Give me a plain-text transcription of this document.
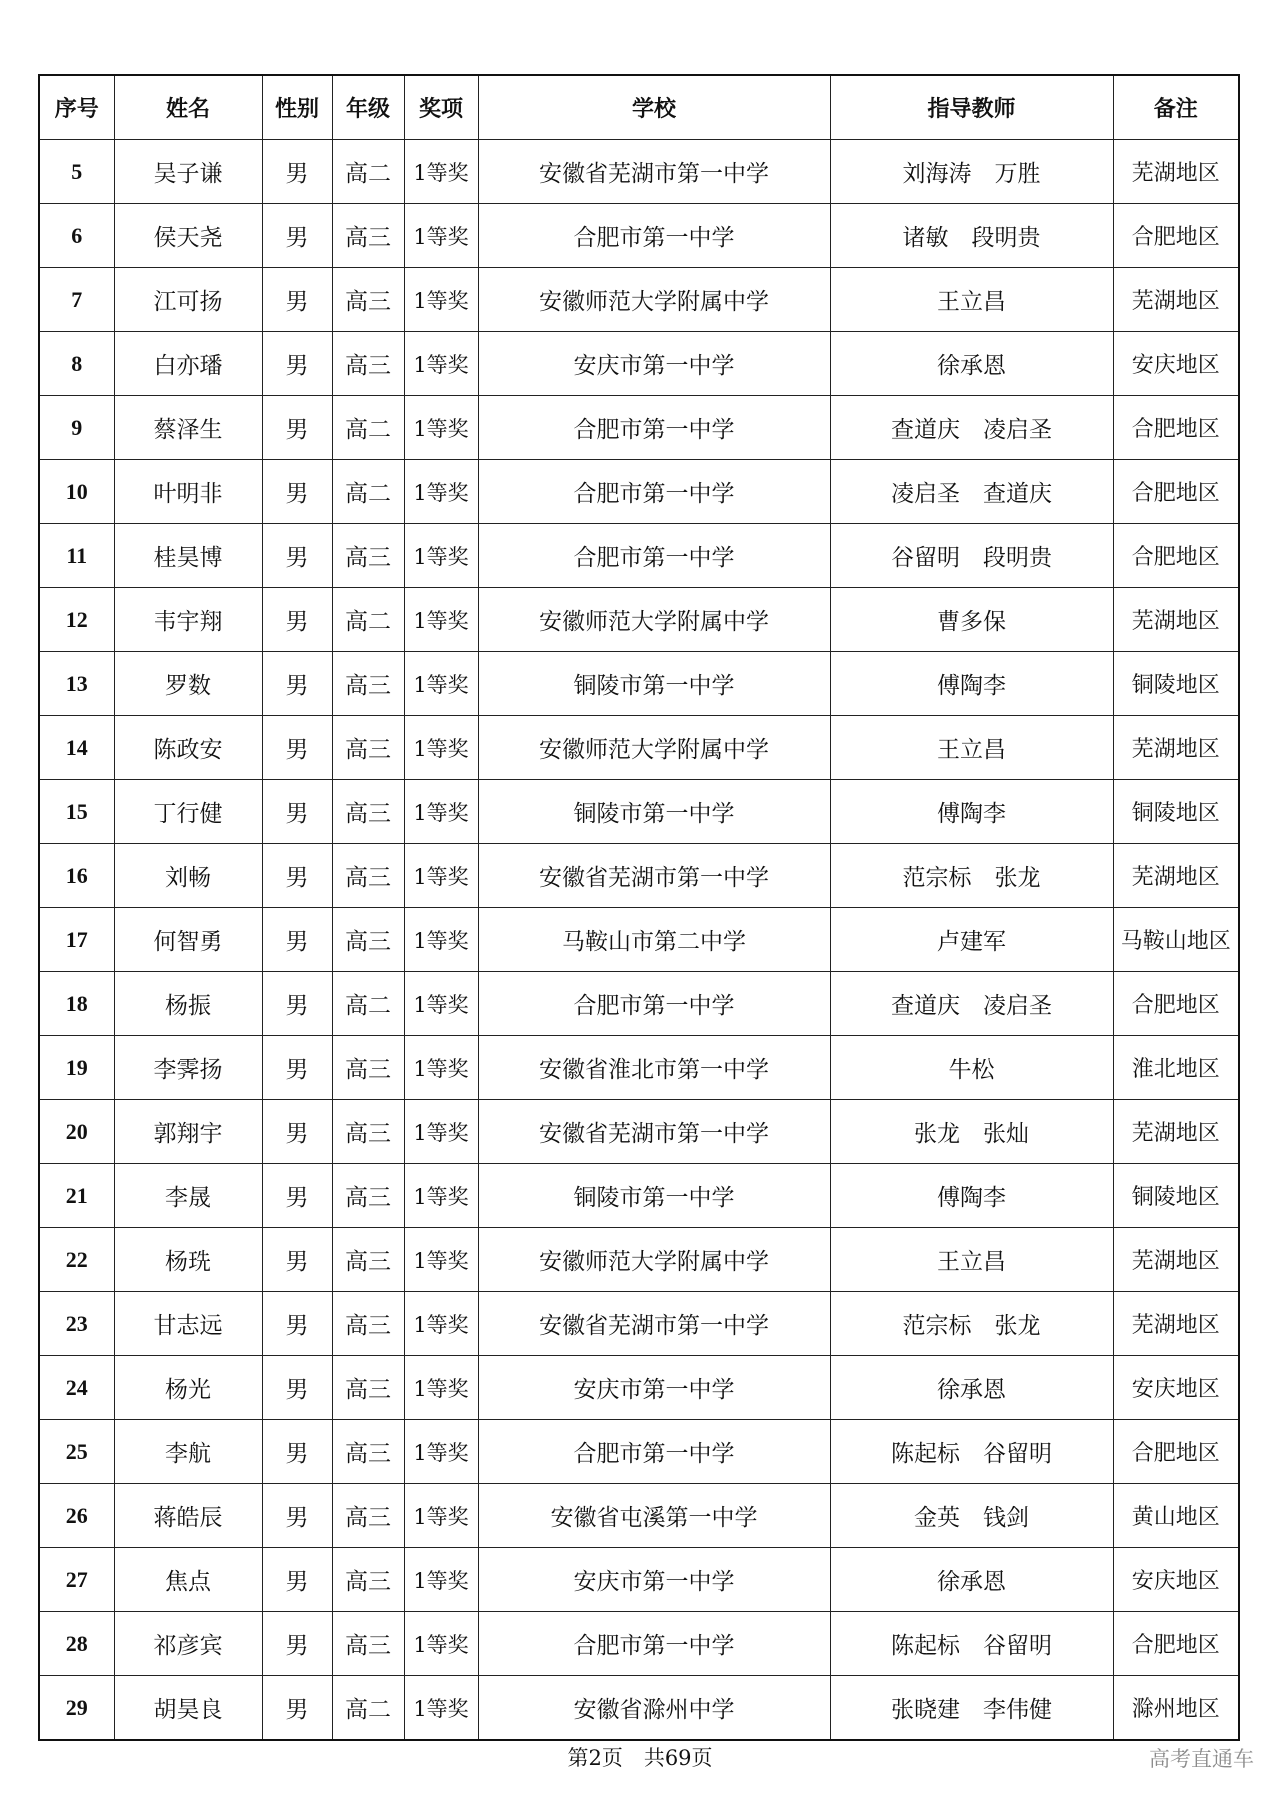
序号	姓名	性别	年级	奖项	学校	指导教师	备注
5	吴子谦	男	高二	1等奖	安徽省芜湖市第一中学	刘海涛　万胜	芜湖地区
6	侯天尧	男	高三	1等奖	合肥市第一中学	诸敏　段明贵	合肥地区
7	江可扬	男	高三	1等奖	安徽师范大学附属中学	王立昌	芜湖地区
8	白亦璠	男	高三	1等奖	安庆市第一中学	徐承恩	安庆地区
9	蔡泽生	男	高二	1等奖	合肥市第一中学	查道庆　凌启圣	合肥地区
10	叶明非	男	高二	1等奖	合肥市第一中学	凌启圣　查道庆	合肥地区
11	桂昊博	男	高三	1等奖	合肥市第一中学	谷留明　段明贵	合肥地区
12	韦宇翔	男	高二	1等奖	安徽师范大学附属中学	曹多保	芜湖地区
13	罗数	男	高三	1等奖	铜陵市第一中学	傅陶李	铜陵地区
14	陈政安	男	高三	1等奖	安徽师范大学附属中学	王立昌	芜湖地区
15	丁行健	男	高三	1等奖	铜陵市第一中学	傅陶李	铜陵地区
16	刘畅	男	高三	1等奖	安徽省芜湖市第一中学	范宗标　张龙	芜湖地区
17	何智勇	男	高三	1等奖	马鞍山市第二中学	卢建军	马鞍山地区
18	杨振	男	高二	1等奖	合肥市第一中学	查道庆　凌启圣	合肥地区
19	李霁扬	男	高三	1等奖	安徽省淮北市第一中学	牛松	淮北地区
20	郭翔宇	男	高三	1等奖	安徽省芜湖市第一中学	张龙　张灿	芜湖地区
21	李晟	男	高三	1等奖	铜陵市第一中学	傅陶李	铜陵地区
22	杨珗	男	高三	1等奖	安徽师范大学附属中学	王立昌	芜湖地区
23	甘志远	男	高三	1等奖	安徽省芜湖市第一中学	范宗标　张龙	芜湖地区
24	杨光	男	高三	1等奖	安庆市第一中学	徐承恩	安庆地区
25	李航	男	高三	1等奖	合肥市第一中学	陈起标　谷留明	合肥地区
26	蒋皓辰	男	高三	1等奖	安徽省屯溪第一中学	金英　钱剑	黄山地区
27	焦点	男	高三	1等奖	安庆市第一中学	徐承恩	安庆地区
28	祁彦宾	男	高三	1等奖	合肥市第一中学	陈起标　谷留明	合肥地区
29	胡昊良	男	高二	1等奖	安徽省滁州中学	张晓建　李伟健	滁州地区
第2页　共69页	高考直通车
